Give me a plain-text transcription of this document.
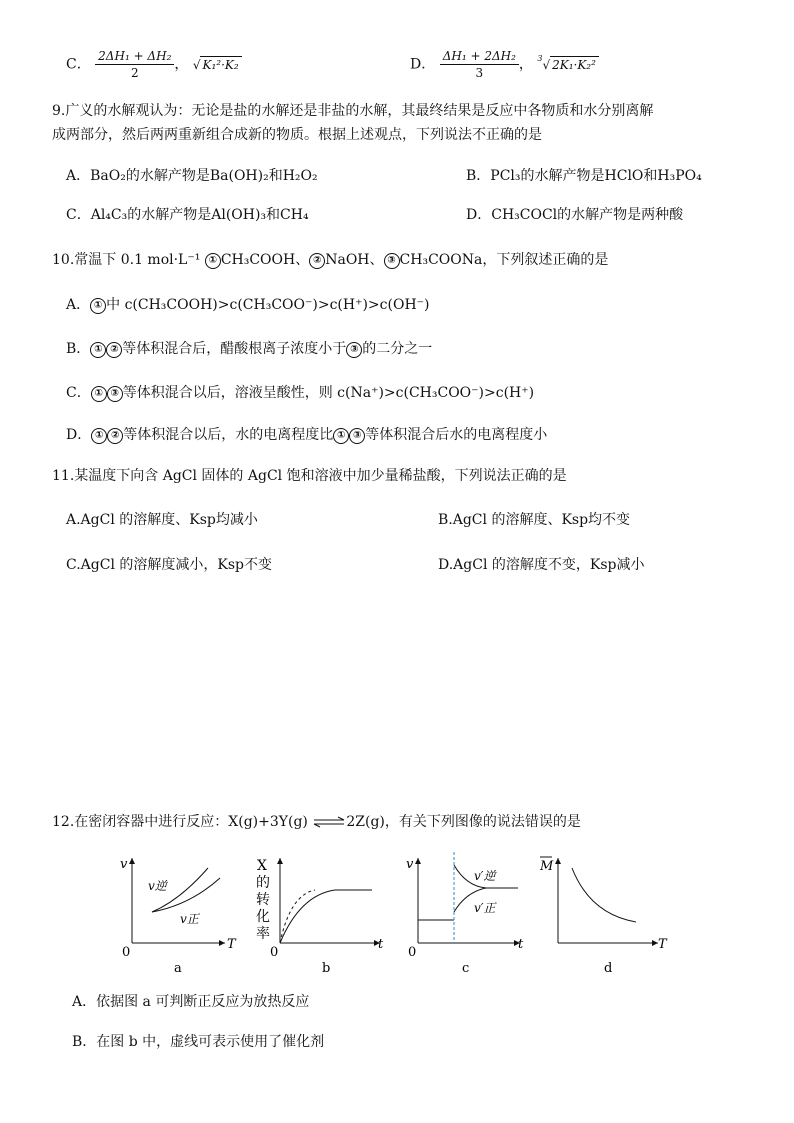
C． $\frac{\text{2ΔH₁ + ΔH₂}}{2}$ ， √ K₁²·K₂	D． $\frac{\text{ΔH₁ + 2ΔH₂}}{3}$ ， $^3$√ 2K₁·K₂²
9.广义的水解观认为：无论是盐的水解还是非盐的水解，其最终结果是反应中各物质和水分别离解
成两部分，然后两两重新组合成新的物质。根据上述观点，下列说法不正确的是
A．BaO₂的水解产物是Ba(OH)₂和H₂O₂	B．PCl₃的水解产物是HClO和H₃PO₄
C．Al₄C₃的水解产物是Al(OH)₃和CH₄	D．CH₃COCl的水解产物是两种酸
10.常温下 0.1 mol·L⁻¹ ① CH₃COOH、 ② NaOH、 ③ CH₃COONa，下列叙述正确的是
A． ① 中 c(CH₃COOH)>c(CH₃COO⁻)>c(H⁺)>c(OH⁻)
B． ① ② 等体积混合后，醋酸根离子浓度小于 ③ 的二分之一
C． ① ③ 等体积混合以后，溶液呈酸性，则 c(Na⁺)>c(CH₃COO⁻)>c(H⁺)
D． ① ② 等体积混合以后，水的电离程度比 ① ③ 等体积混合后水的电离程度小
11.某温度下向含 AgCl 固体的 AgCl 饱和溶液中加少量稀盐酸，下列说法正确的是
A.AgCl 的溶解度、Ksp均减小	B.AgCl 的溶解度、Ksp均不变
C.AgCl 的溶解度减小，Ksp不变	D.AgCl 的溶解度不变，Ksp减小
12.在密闭容器中进行反应：X(g)+3Y(g) ⇌2Z(g)，有关下列图像的说法错误的是
v
T
0
v逆
v正
a
X
的
转
化
率
t
0
b
v
t
0
v′逆
v′正
c
M
T
d
A．依据图 a 可判断正反应为放热反应
B．在图 b 中，虚线可表示使用了催化剂
